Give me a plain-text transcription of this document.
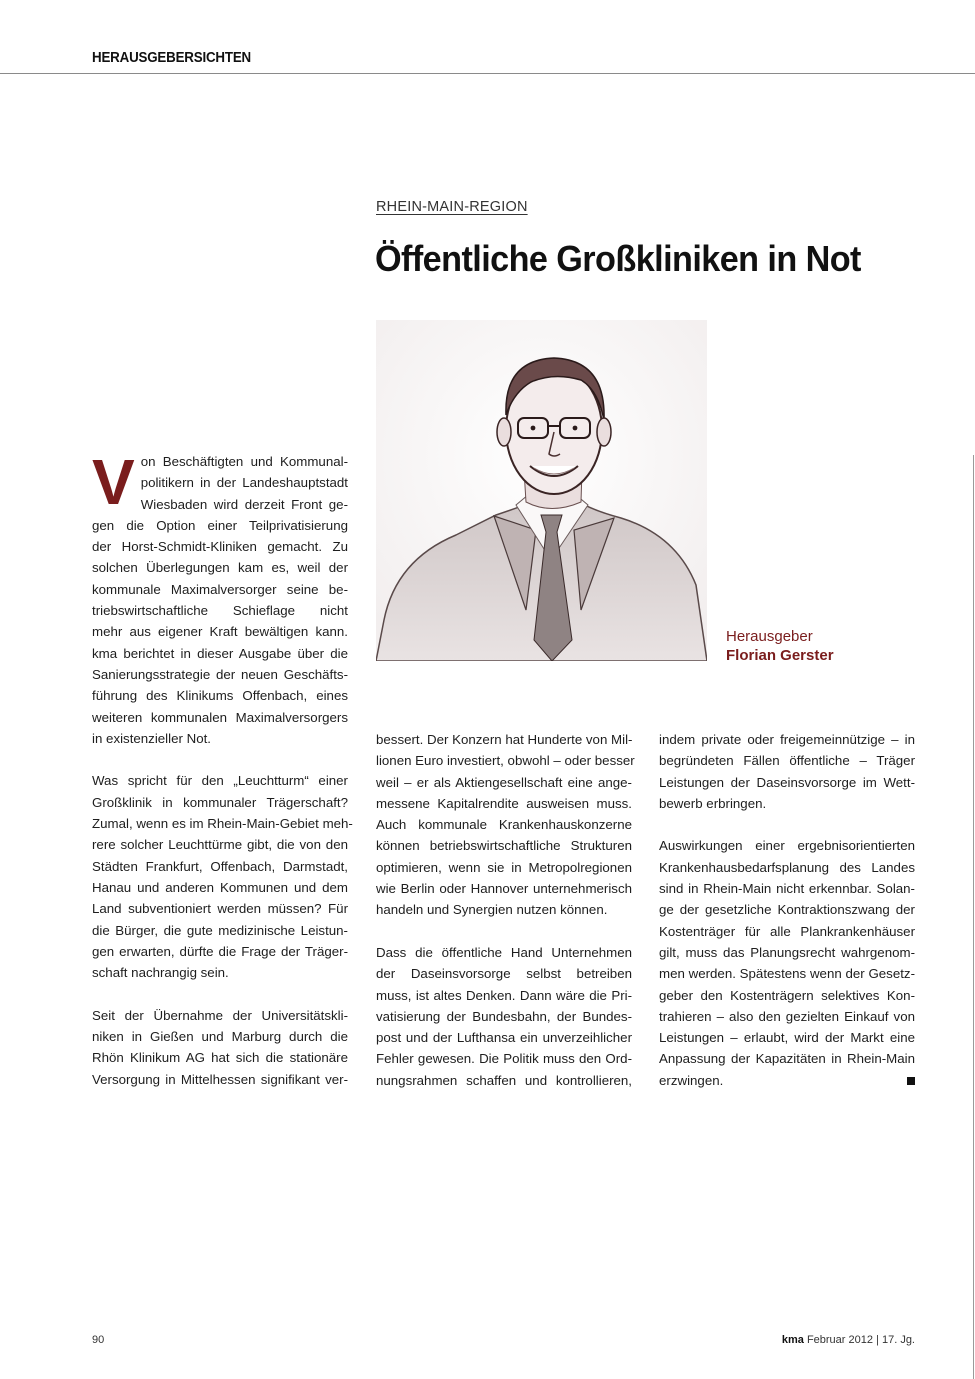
HERAUSGEBERSICHTEN
RHEIN-MAIN-REGION
Öffentliche Großkliniken in Not
Herausgeber
Florian Gerster

V on Beschäftigten und Kommunal-
politikern in der Landeshauptstadt
Wiesbaden wird derzeit Front ge-
gen die Option einer Teilprivatisierung
der Horst-Schmidt-Kliniken gemacht. Zu
solchen Überlegungen kam es, weil der
kommunale Maximalversorger seine be-
triebswirtschaftliche Schieflage nicht
mehr aus eigener Kraft bewältigen kann.
kma berichtet in dieser Ausgabe über die
Sanierungsstrategie der neuen Geschäfts-
führung des Klinikums Offenbach, eines
weiteren kommunalen Maximalversorgers
in existenzieller Not.

Was spricht für den „Leuchtturm“ einer
Großklinik in kommunaler Trägerschaft?
Zumal, wenn es im Rhein-Main-Gebiet meh-
rere solcher Leuchttürme gibt, die von den
Städten Frankfurt, Offenbach, Darmstadt,
Hanau und anderen Kommunen und dem
Land subventioniert werden müssen? Für
die Bürger, die gute medizinische Leistun-
gen erwarten, dürfte die Frage der Träger-
schaft nachrangig sein.

Seit der Übernahme der Universitätskli-
niken in Gießen und Marburg durch die
Rhön Klinikum AG hat sich die stationäre
Versorgung in Mittelhessen signifikant ver-

bessert. Der Konzern hat Hunderte von Mil-
lionen Euro investiert, obwohl – oder besser
weil – er als Aktiengesellschaft eine ange-
messene Kapitalrendite ausweisen muss.
Auch kommunale Krankenhauskonzerne
können betriebswirtschaftliche Strukturen
optimieren, wenn sie in Metropolregionen
wie Berlin oder Hannover unternehmerisch
handeln und Synergien nutzen können.

Dass die öffentliche Hand Unternehmen
der Daseinsvorsorge selbst betreiben
muss, ist altes Denken. Dann wäre die Pri-
vatisierung der Bundesbahn, der Bundes-
post und der Lufthansa ein unverzeihlicher
Fehler gewesen. Die Politik muss den Ord-
nungsrahmen schaffen und kontrollieren,

indem private oder freigemeinnützige – in
begründeten Fällen öffentliche – Träger
Leistungen der Daseinsvorsorge im Wett-
bewerb erbringen.

Auswirkungen einer ergebnisorientierten
Krankenhausbedarfsplanung des Landes
sind in Rhein-Main nicht erkennbar. Solan-
ge der gesetzliche Kontraktionszwang der
Kostenträger für alle Plankrankenhäuser
gilt, muss das Planungsrecht wahrgenom-
men werden. Spätestens wenn der Gesetz-
geber den Kostenträgern selektives Kon-
trahieren – also den gezielten Einkauf von
Leistungen – erlaubt, wird der Markt eine
Anpassung der Kapazitäten in Rhein-Main
erzwingen.

90	kma Februar 2012 | 17. Jg.
